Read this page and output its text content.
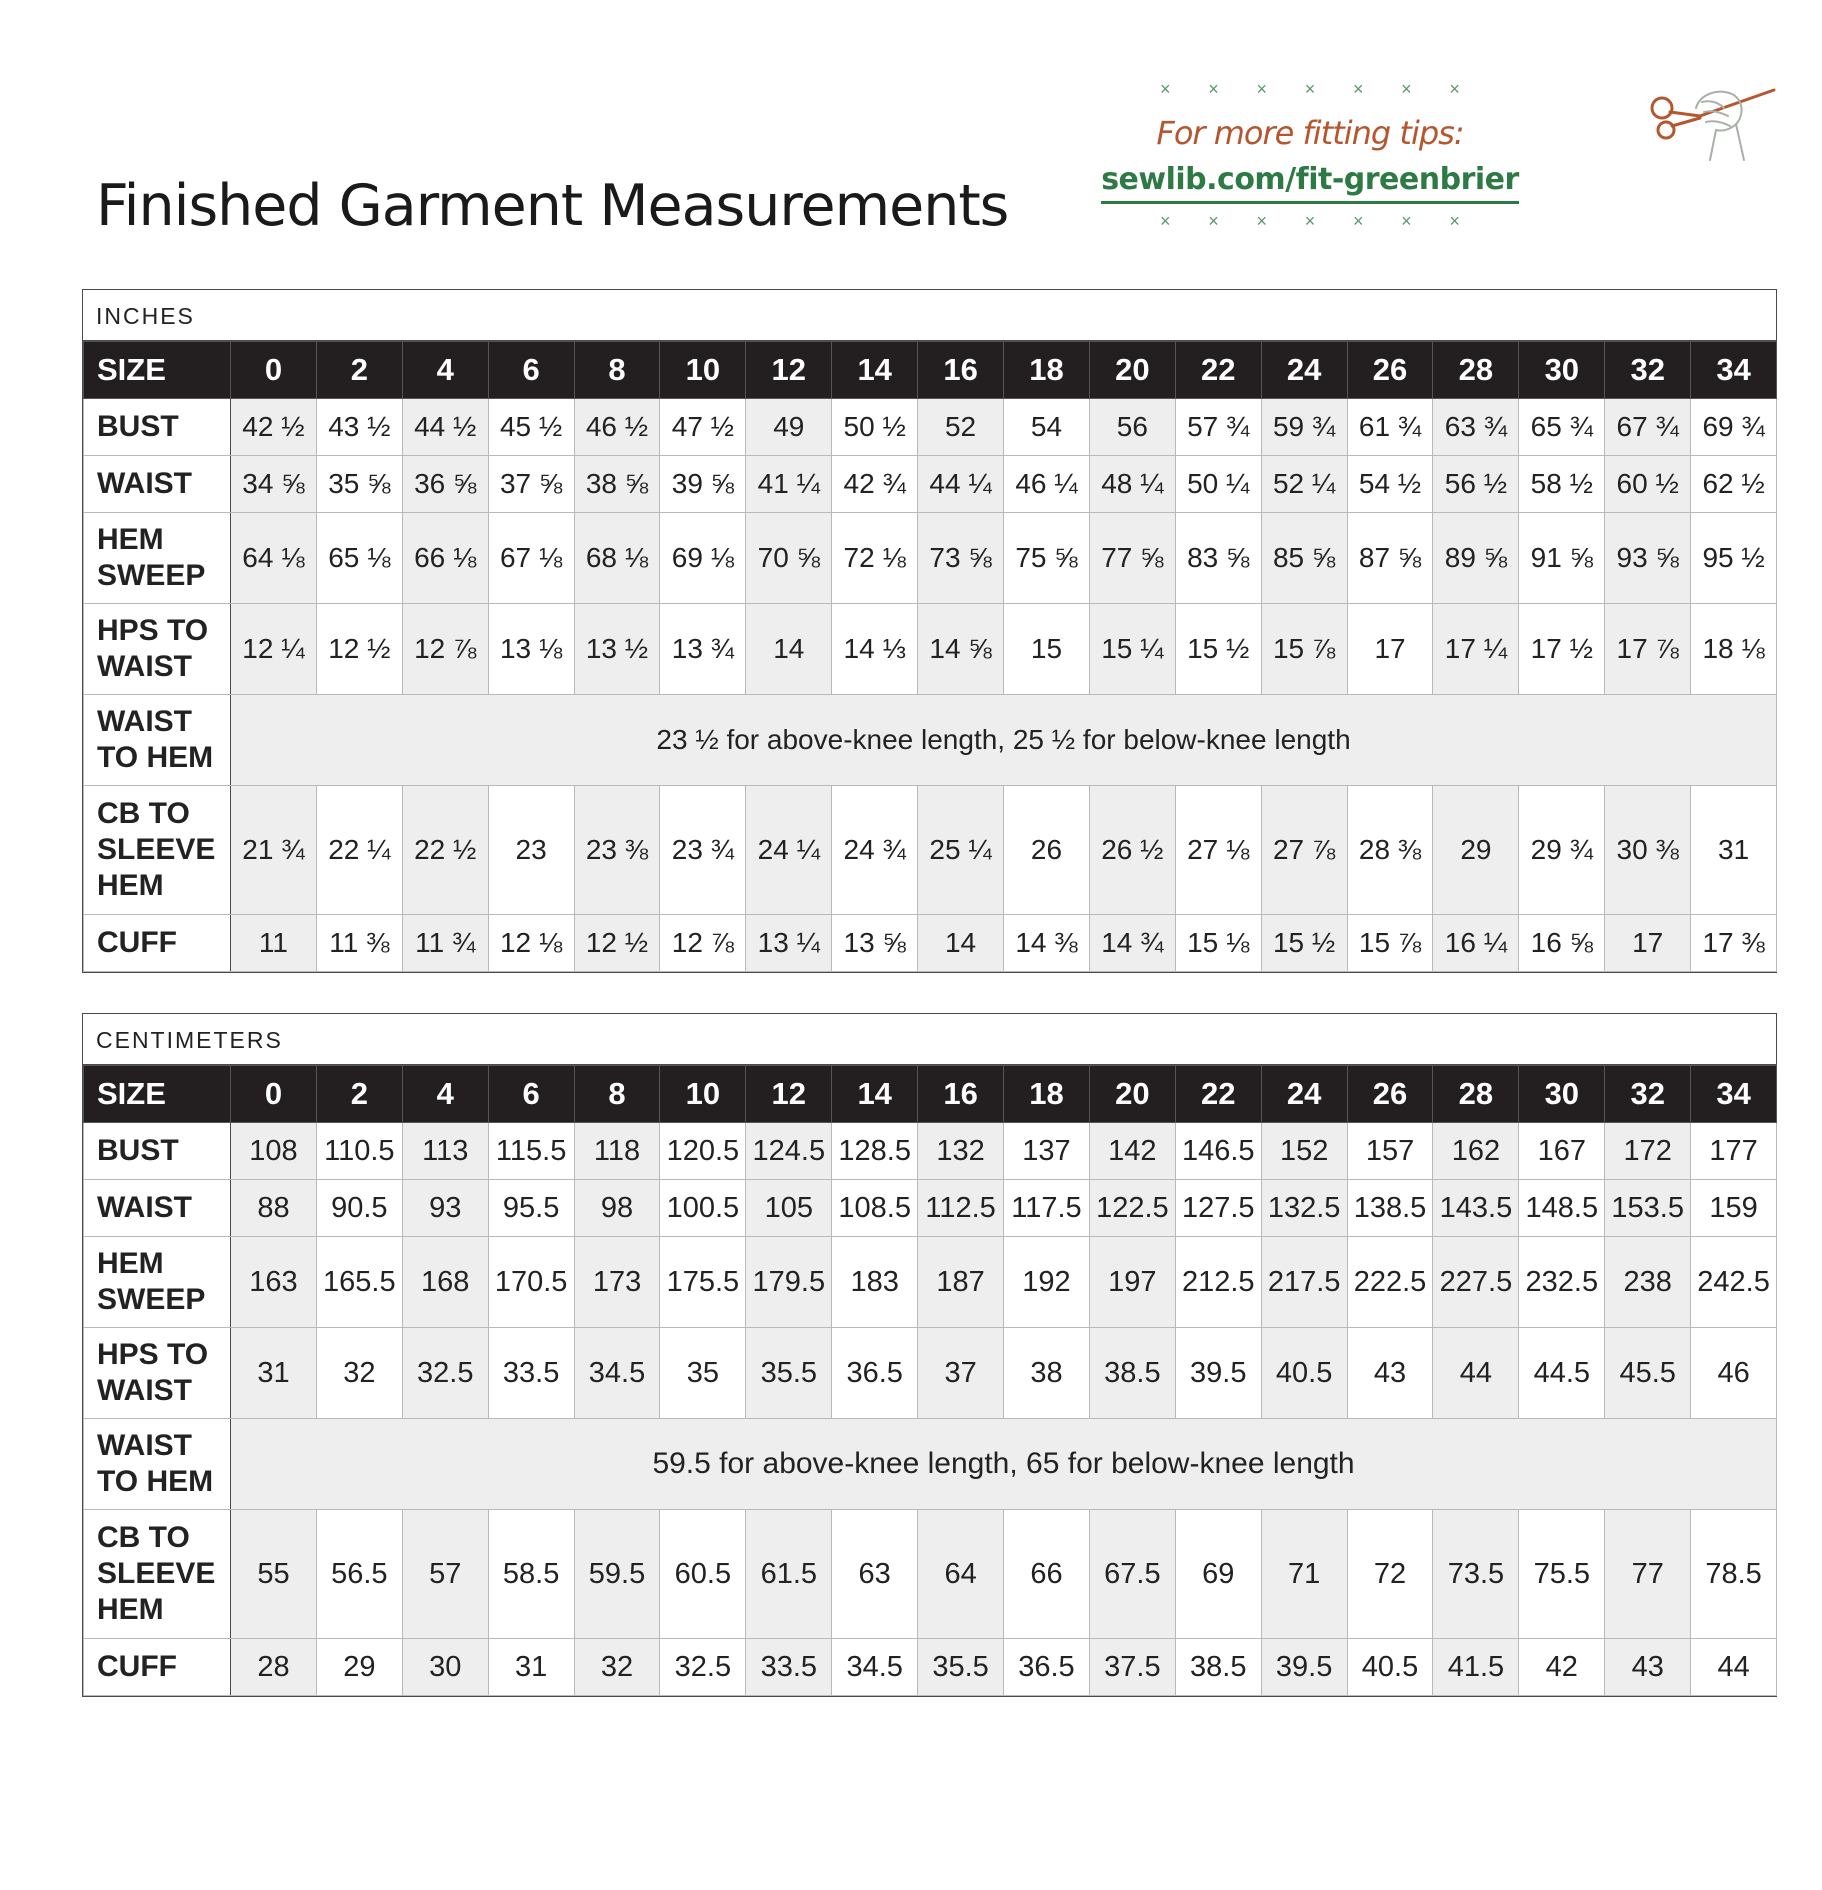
Finished Garment Measurements
× × × × × × ×
For more fitting tips:
sewlib.com/fit-greenbrier
× × × × × × ×
INCHES
SIZE	0	2	4	6	8	10	12	14	16	18	20	22	24	26	28	30	32	34
BUST	42 ½	43 ½	44 ½	45 ½	46 ½	47 ½	49	50 ½	52	54	56	57 ¾	59 ¾	61 ¾	63 ¾	65 ¾	67 ¾	69 ¾
WAIST	34 ⅝	35 ⅝	36 ⅝	37 ⅝	38 ⅝	39 ⅝	41 ¼	42 ¾	44 ¼	46 ¼	48 ¼	50 ¼	52 ¼	54 ½	56 ½	58 ½	60 ½	62 ½
HEM
SWEEP	64 ⅛	65 ⅛	66 ⅛	67 ⅛	68 ⅛	69 ⅛	70 ⅝	72 ⅛	73 ⅝	75 ⅝	77 ⅝	83 ⅝	85 ⅝	87 ⅝	89 ⅝	91 ⅝	93 ⅝	95 ½
HPS TO
WAIST	12 ¼	12 ½	12 ⅞	13 ⅛	13 ½	13 ¾	14	14 ⅓	14 ⅝	15	15 ¼	15 ½	15 ⅞	17	17 ¼	17 ½	17 ⅞	18 ⅛
WAIST
TO HEM	23 ½ for above-knee length, 25 ½ for below-knee length																	
CB TO
SLEEVE
HEM	21 ¾	22 ¼	22 ½	23	23 ⅜	23 ¾	24 ¼	24 ¾	25 ¼	26	26 ½	27 ⅛	27 ⅞	28 ⅜	29	29 ¾	30 ⅜	31
CUFF	11	11 ⅜	11 ¾	12 ⅛	12 ½	12 ⅞	13 ¼	13 ⅝	14	14 ⅜	14 ¾	15 ⅛	15 ½	15 ⅞	16 ¼	16 ⅝	17	17 ⅜
CENTIMETERS
SIZE	0	2	4	6	8	10	12	14	16	18	20	22	24	26	28	30	32	34
BUST	108	110.5	113	115.5	118	120.5	124.5	128.5	132	137	142	146.5	152	157	162	167	172	177
WAIST	88	90.5	93	95.5	98	100.5	105	108.5	112.5	117.5	122.5	127.5	132.5	138.5	143.5	148.5	153.5	159
HEM
SWEEP	163	165.5	168	170.5	173	175.5	179.5	183	187	192	197	212.5	217.5	222.5	227.5	232.5	238	242.5
HPS TO
WAIST	31	32	32.5	33.5	34.5	35	35.5	36.5	37	38	38.5	39.5	40.5	43	44	44.5	45.5	46
WAIST
TO HEM	59.5 for above-knee length, 65 for below-knee length																	
CB TO
SLEEVE
HEM	55	56.5	57	58.5	59.5	60.5	61.5	63	64	66	67.5	69	71	72	73.5	75.5	77	78.5
CUFF	28	29	30	31	32	32.5	33.5	34.5	35.5	36.5	37.5	38.5	39.5	40.5	41.5	42	43	44
